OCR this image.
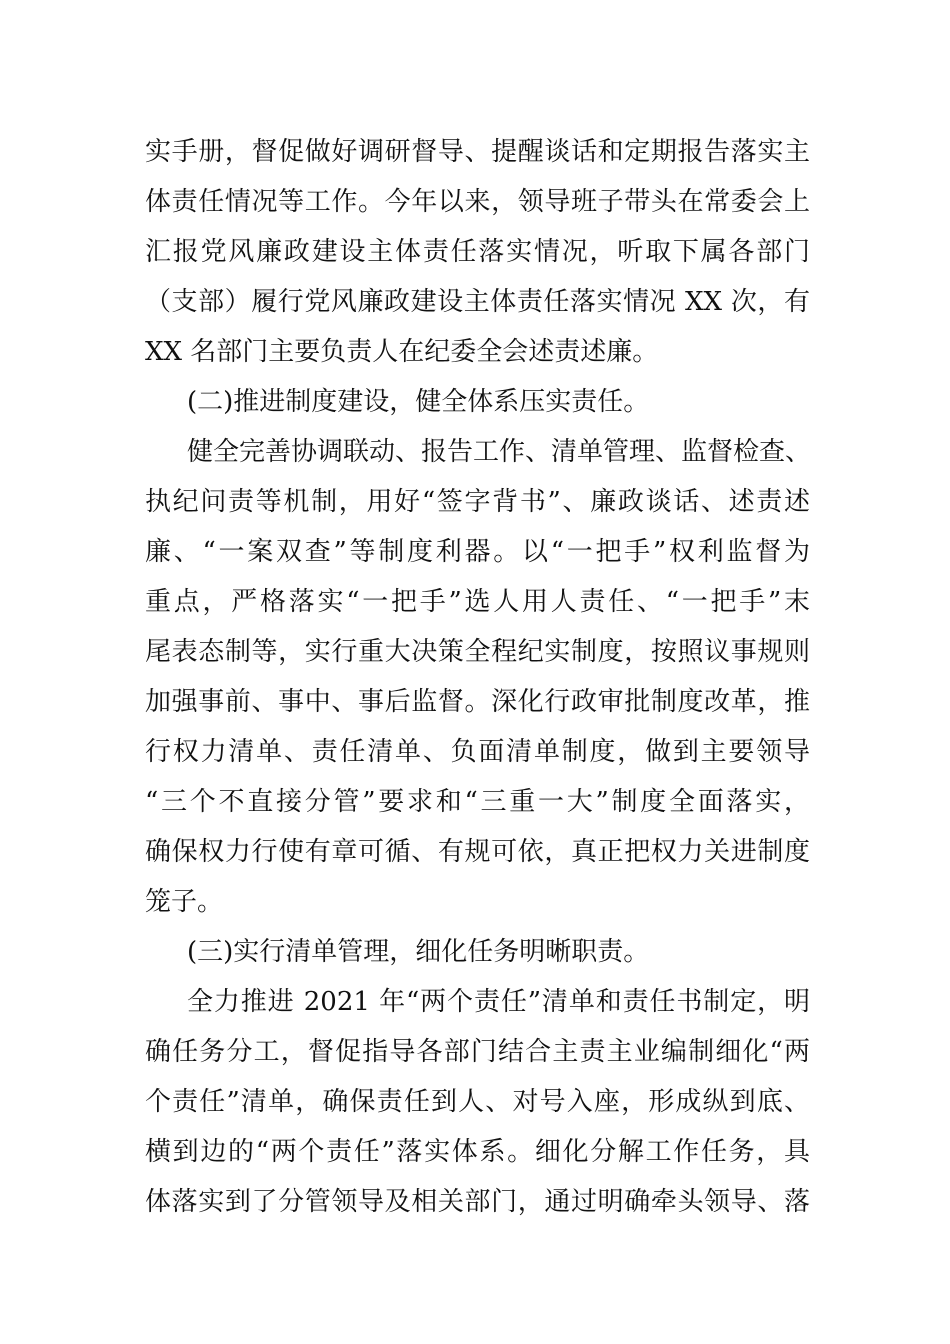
实手册，督促做好调研督导、提醒谈话和定期报告落实主
体责任情况等工作。今年以来，领导班子带头在常委会上
汇报党风廉政建设主体责任落实情况，听取下属各部门
（支部）履行党风廉政建设主体责任落实情况 XX 次，有
XX 名部门主要负责人在纪委全会述责述廉。
(二)推进制度建设，健全体系压实责任。
健全完善协调联动、报告工作、清单管理、监督检查、
执纪问责等机制，用好“签字背书”、廉政谈话、述责述
廉、“一案双查”等制度利器。以“一把手”权利监督为
重点，严格落实“一把手”选人用人责任、“一把手”末
尾表态制等，实行重大决策全程纪实制度，按照议事规则
加强事前、事中、事后监督。深化行政审批制度改革，推
行权力清单、责任清单、负面清单制度，做到主要领导
“三个不直接分管”要求和“三重一大”制度全面落实，
确保权力行使有章可循、有规可依，真正把权力关进制度
笼子。
(三)实行清单管理，细化任务明晰职责。
全力推进 2021 年“两个责任”清单和责任书制定，明
确任务分工，督促指导各部门结合主责主业编制细化“两
个责任”清单，确保责任到人、对号入座，形成纵到底、
横到边的“两个责任”落实体系。细化分解工作任务，具
体落实到了分管领导及相关部门，通过明确牵头领导、落
